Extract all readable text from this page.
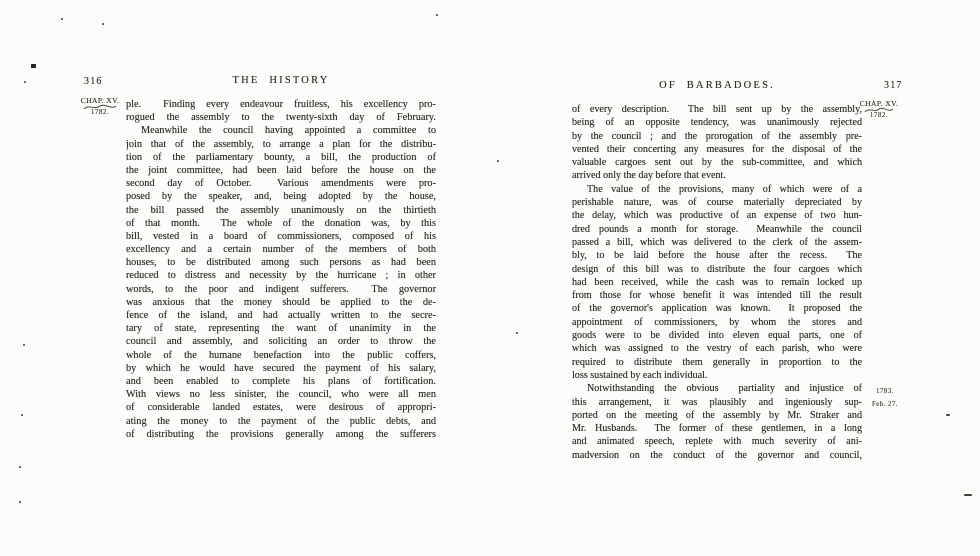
316	THE HISTORY
CHAP. XV.
1782.
ple.  Finding every endeavour fruitless, his excellency pro-
rogued the assembly to the twenty-sixth day of February.
Meanwhile the council having appointed a committee to
join that of the assembly, to arrange a plan for the distribu-
tion of the parliamentary bounty, a bill, the production of
the joint committee, had been laid before the house on the
second day of October.  Various amendments were pro-
posed by the speaker, and, being adopted by the house,
the bill passed the assembly unanimously on the thirtieth
of that month.  The whole of the donation was, by this
bill, vested in a board of commissioners, composed of his
excellency and a certain number of the members of both
houses, to be distributed among such persons as had been
reduced to distress and necessity by the hurricane ; in other
words, to the poor and indigent sufferers.  The governor
was anxious that the money should be applied to the de-
fence of the island, and had actually written to the secre-
tary of state, representing the want of unanimity in the
council and assembly, and soliciting an order to throw the
whole of the humane benefaction into the public coffers,
by which he would have secured the payment of his salary,
and been enabled to complete his plans of fortification.
With views no less sinister, the council, who were all men
of considerable landed estates, were desirous of appropri-
ating the money to the payment of the public debts, and
of distributing the provisions generally among the sufferers
OF BARBADOES.	317
CHAP. XV.
1782.
of every description.  The bill sent up by the assembly,
being of an opposite tendency, was unanimously rejected
by the council ; and the prorogation of the assembly pre-
vented their concerting any measures for the disposal of the
valuable cargoes sent out by the sub-committee, and which
arrived only the day before that event.
The value of the provisions, many of which were of a
perishable nature, was of course materially depreciated by
the delay, which was productive of an expense of two hun-
dred pounds a month for storage.  Meanwhile the council
passed a bill, which was delivered to the clerk of the assem-
bly, to be laid before the house after the recess.  The
design of this bill was to distribute the four cargoes which
had been received, while the cash was to remain locked up
from those for whose benefit it was intended till the result
of the governor's application was known.  It proposed the
appointment of commissioners, by whom the stores and
goods were to be divided into eleven equal parts, one of
which was assigned to the vestry of each parish, who were
required to distribute them generally in proportion to the
loss sustained by each individual.
Notwithstanding the obvious  partiality and injustice of
this arrangement, it was plausibly and ingeniously sup-
ported on the meeting of the assembly by Mr. Straker and
Mr. Husbands.  The former of these gentlemen, in a long
and animated speech, replete with much severity of ani-
madversion on the conduct of the governor and council,
1783.
Feb. 27.
